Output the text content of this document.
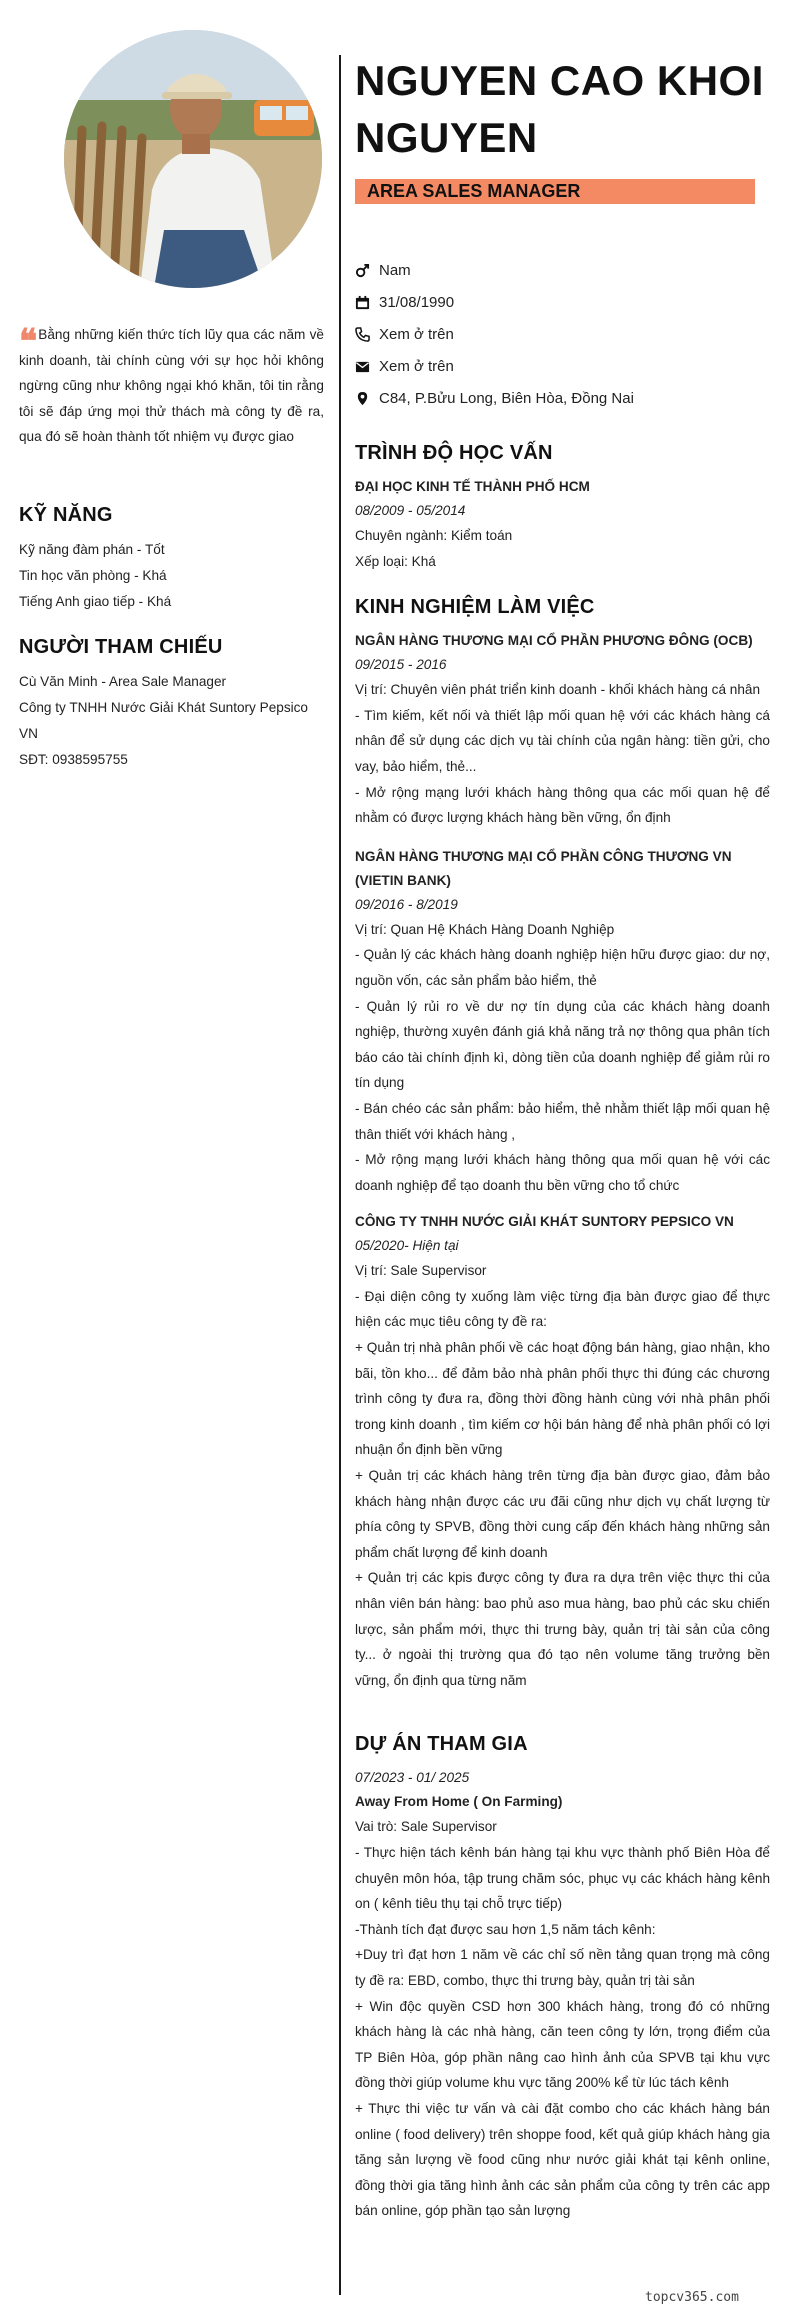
❝Bằng những kiến thức tích lũy qua các năm về kinh doanh, tài chính cùng với sự học hỏi không ngừng cũng như không ngại khó khăn, tôi tin rằng tôi sẽ đáp ứng mọi thử thách mà công ty đề ra, qua đó sẽ hoàn thành tốt nhiệm vụ được giao
KỸ NĂNG
Kỹ năng đàm phán - Tốt
Tin học văn phòng - Khá
Tiếng Anh giao tiếp - Khá
NGƯỜI THAM CHIẾU
Cù Văn Minh - Area Sale Manager
Công ty TNHH Nước Giải Khát Suntory Pepsico VN
SĐT: 0938595755
NGUYEN CAO KHOI
NGUYEN
AREA SALES MANAGER
Nam
31/08/1990
Xem ở trên
Xem ở trên
C84, P.Bửu Long, Biên Hòa, Đồng Nai
TRÌNH ĐỘ HỌC VẤN
ĐẠI HỌC KINH TẾ THÀNH PHỐ HCM
08/2009 - 05/2014
Chuyên ngành: Kiểm toán
Xếp loại: Khá
KINH NGHIỆM LÀM VIỆC
NGÂN HÀNG THƯƠNG MẠI CỔ PHẦN PHƯƠNG ĐÔNG (OCB)
09/2015 - 2016
Vị trí: Chuyên viên phát triển kinh doanh - khối khách hàng cá nhân
- Tìm kiếm, kết nối và thiết lập mối quan hệ với các khách hàng cá nhân để sử dụng các dịch vụ tài chính của ngân hàng: tiền gửi, cho vay, bảo hiểm, thẻ...
- Mở rộng mạng lưới khách hàng thông qua các mối quan hệ để nhằm có được lượng khách hàng bền vững, ổn định
NGÂN HÀNG THƯƠNG MẠI CỔ PHẦN CÔNG THƯƠNG VN (VIETIN BANK)
09/2016 - 8/2019
Vị trí: Quan Hệ Khách Hàng Doanh Nghiệp
- Quản lý các khách hàng doanh nghiệp hiện hữu được giao: dư nợ, nguồn vốn, các sản phẩm bảo hiểm, thẻ
- Quản lý rủi ro về dư nợ tín dụng của các khách hàng doanh nghiệp, thường xuyên đánh giá khả năng trả nợ thông qua phân tích báo cáo tài chính định kì, dòng tiền của doanh nghiệp để giảm rủi ro tín dụng
- Bán chéo các sản phẩm: bảo hiểm, thẻ nhằm thiết lập mối quan hệ thân thiết với khách hàng ,
- Mở rộng mạng lưới khách hàng thông qua mối quan hệ với các doanh nghiệp để tạo doanh thu bền vững cho tổ chức
CÔNG TY TNHH NƯỚC GIẢI KHÁT SUNTORY PEPSICO VN
05/2020- Hiện tại
Vị trí: Sale Supervisor
- Đại diện công ty xuống làm việc từng địa bàn được giao để thực hiện các mục tiêu công ty đề ra:
+ Quản trị nhà phân phối về các hoạt động bán hàng, giao nhận, kho bãi, tồn kho... để đảm bảo nhà phân phối thực thi đúng các chương trình công ty đưa ra, đồng thời đồng hành cùng với nhà phân phối trong kinh doanh , tìm kiếm cơ hội bán hàng để nhà phân phối có lợi nhuận ổn định bền vững
+ Quản trị các khách hàng trên từng địa bàn được giao, đảm bảo khách hàng nhận được các ưu đãi cũng như dịch vụ chất lượng từ phía công ty SPVB, đồng thời cung cấp đến khách hàng những sản phẩm chất lượng để kinh doanh
+ Quản trị các kpis được công ty đưa ra dựa trên việc thực thi của nhân viên bán hàng: bao phủ aso mua hàng, bao phủ các sku chiến lược, sản phẩm mới, thực thi trưng bày, quản trị tài sản của công ty... ở ngoài thị trường qua đó tạo nên volume tăng trưởng bền vững, ổn định qua từng năm
DỰ ÁN THAM GIA
07/2023 - 01/ 2025
Away From Home ( On Farming)
Vai trò: Sale Supervisor
- Thực hiện tách kênh bán hàng tại khu vực thành phố Biên Hòa để chuyên môn hóa, tập trung chăm sóc, phục vụ các khách hàng kênh on ( kênh tiêu thụ tại chỗ trực tiếp)
-Thành tích đạt được sau hơn 1,5 năm tách kênh:
+Duy trì đạt hơn 1 năm về các chỉ số nền tảng quan trọng mà công ty đề ra: EBD, combo, thực thi trưng bày, quản trị tài sản
+ Win độc quyền CSD hơn 300 khách hàng, trong đó có những khách hàng là các nhà hàng, căn teen công ty lớn, trọng điểm của TP Biên Hòa, góp phần nâng cao hình ảnh của SPVB tại khu vực đồng thời giúp volume khu vực tăng 200% kể từ lúc tách kênh
+ Thực thi việc tư vấn và cài đặt combo cho các khách hàng bán online ( food delivery) trên shoppe food, kết quả giúp khách hàng gia tăng sản lượng về food cũng như nước giải khát tại kênh online, đồng thời gia tăng hình ảnh các sản phẩm của công ty trên các app bán online, góp phần tạo sản lượng
topcv365.com
